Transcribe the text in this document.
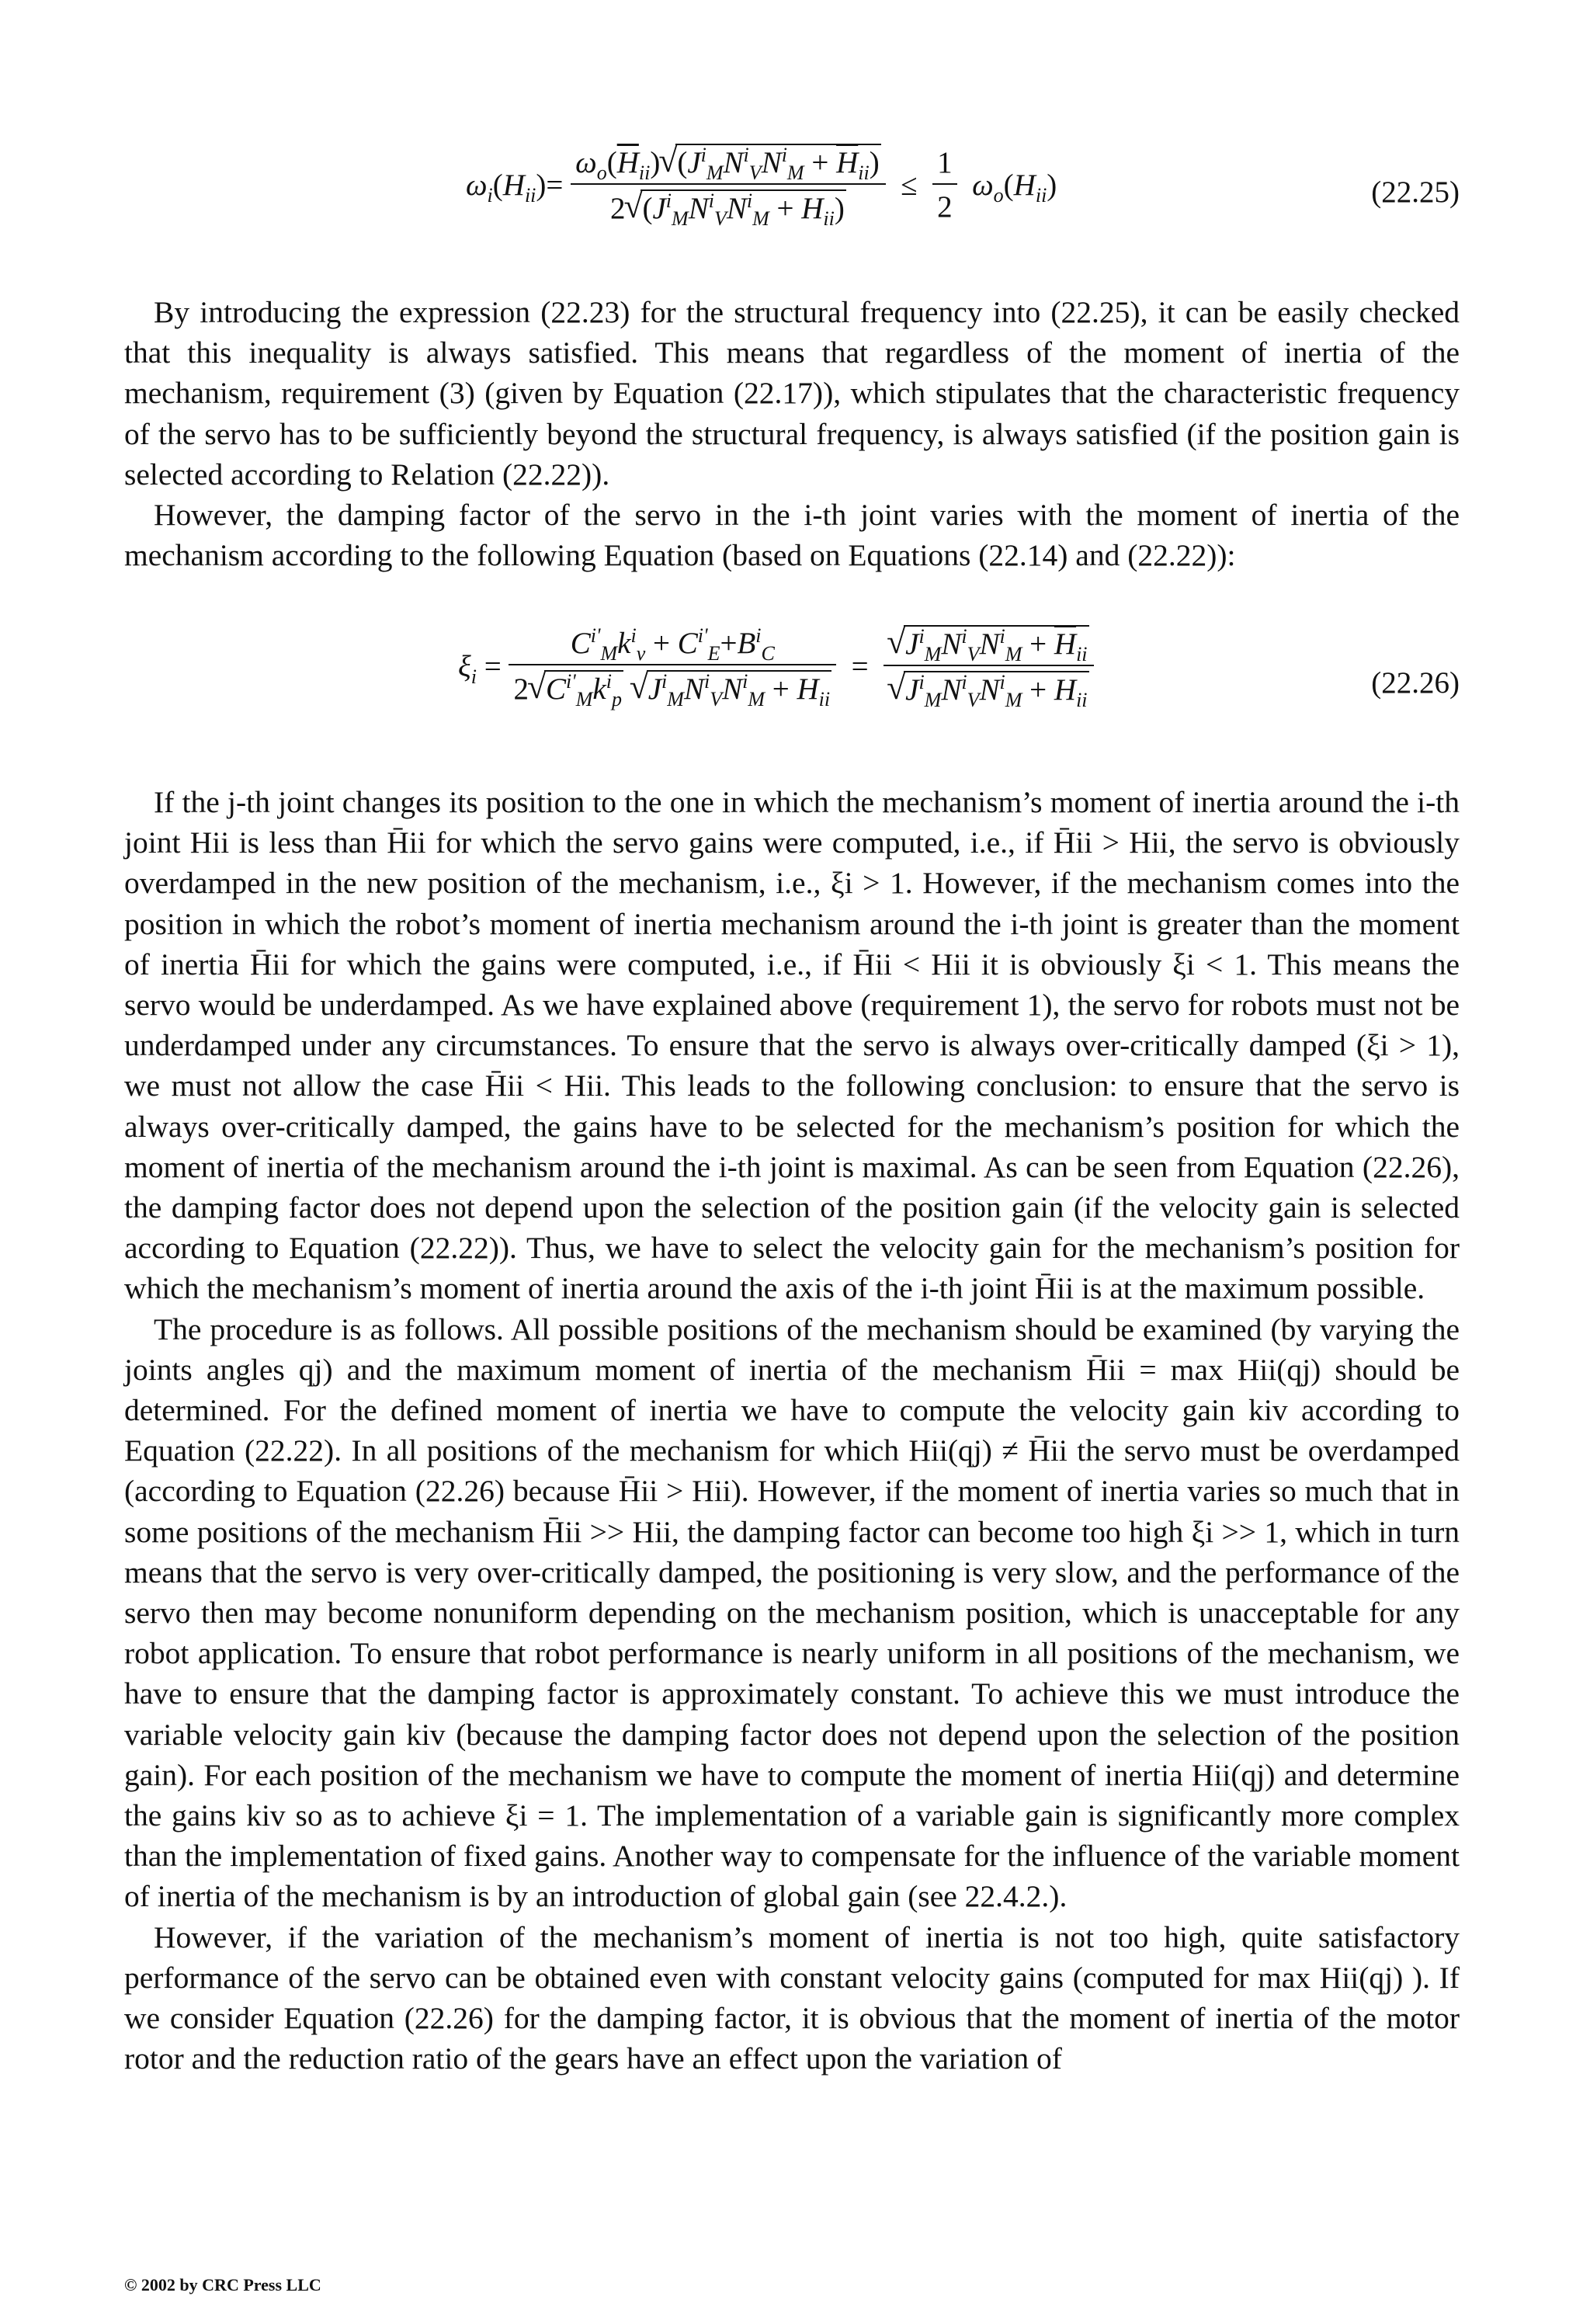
$\omega_i(H_{ii})= \frac{\omega_o(\overline{H}_{ii}) √ (J^i_MN^i_VN^i_M + \overline{H}_{ii})}{2 √ (J^i_MN^i_VN^i_M + H_{ii})} \le \frac{1}{2} \omega_o(H_{ii})$	(22.25)

By introducing the expression (22.23) for the structural frequency into (22.25), it can be easily checked that this inequality is always satisfied. This means that regardless of the moment of inertia of the mechanism, requirement (3) (given by Equation (22.17)), which stipulates that the characteristic frequency of the servo has to be sufficiently beyond the structural frequency, is always satisfied (if the position gain is selected according to Relation (22.22)).

However, the damping factor of the servo in the i-th joint varies with the moment of inertia of the mechanism according to the following Equation (based on Equations (22.14) and (22.22)):

$\xi_i = \frac{C^{i'}_Mk^i_v + C^{i'}_E+B^i_C}{2 √ C^{i'}_Mk^i_p √ J^i_MN^i_VN^i_M + H_{ii}}$ = √ $J^i_MN^i_VN^i_M + \overline{H}_{ii}$
√ $J^i_MN^i_VN^i_M + H_{ii}$	(22.26)

If the j-th joint changes its position to the one in which the mechanism’s moment of inertia around the i-th joint Hii is less than H̄ii for which the servo gains were computed, i.e., if H̄ii > Hii, the servo is obviously overdamped in the new position of the mechanism, i.e., ξi > 1. However, if the mechanism comes into the position in which the robot’s moment of inertia mechanism around the i-th joint is greater than the moment of inertia H̄ii for which the gains were computed, i.e., if H̄ii < Hii it is obviously ξi < 1. This means the servo would be underdamped. As we have explained above (requirement 1), the servo for robots must not be underdamped under any circumstances. To ensure that the servo is always over-critically damped (ξi > 1), we must not allow the case H̄ii < Hii. This leads to the following conclusion: to ensure that the servo is always over-critically damped, the gains have to be selected for the mechanism’s position for which the moment of inertia of the mechanism around the i-th joint is maximal. As can be seen from Equation (22.26), the damping factor does not depend upon the selection of the position gain (if the velocity gain is selected according to Equation (22.22)). Thus, we have to select the velocity gain for the mechanism’s position for which the mechanism’s moment of inertia around the axis of the i-th joint H̄ii is at the maximum possible.

The procedure is as follows. All possible positions of the mechanism should be examined (by varying the joints angles qj) and the maximum moment of inertia of the mechanism H̄ii = max Hii(qj) should be determined. For the defined moment of inertia we have to compute the velocity gain kiv according to Equation (22.22). In all positions of the mechanism for which Hii(qj) ≠ H̄ii the servo must be overdamped (according to Equation (22.26) because H̄ii > Hii). However, if the moment of inertia varies so much that in some positions of the mechanism H̄ii >> Hii, the damping factor can become too high ξi >> 1, which in turn means that the servo is very over-critically damped, the positioning is very slow, and the performance of the servo then may become nonuniform depending on the mechanism position, which is unacceptable for any robot application. To ensure that robot performance is nearly uniform in all positions of the mechanism, we have to ensure that the damping factor is approximately constant. To achieve this we must introduce the variable velocity gain kiv (because the damping factor does not depend upon the selection of the position gain). For each position of the mechanism we have to compute the moment of inertia Hii(qj) and determine the gains kiv so as to achieve ξi = 1. The implementation of a variable gain is significantly more complex than the implementation of fixed gains. Another way to compensate for the influence of the variable moment of inertia of the mechanism is by an introduction of global gain (see 22.4.2.).

However, if the variation of the mechanism’s moment of inertia is not too high, quite satisfactory performance of the servo can be obtained even with constant velocity gains (computed for max Hii(qj) ). If we consider Equation (22.26) for the damping factor, it is obvious that the moment of inertia of the motor rotor and the reduction ratio of the gears have an effect upon the variation of

© 2002 by CRC Press LLC
